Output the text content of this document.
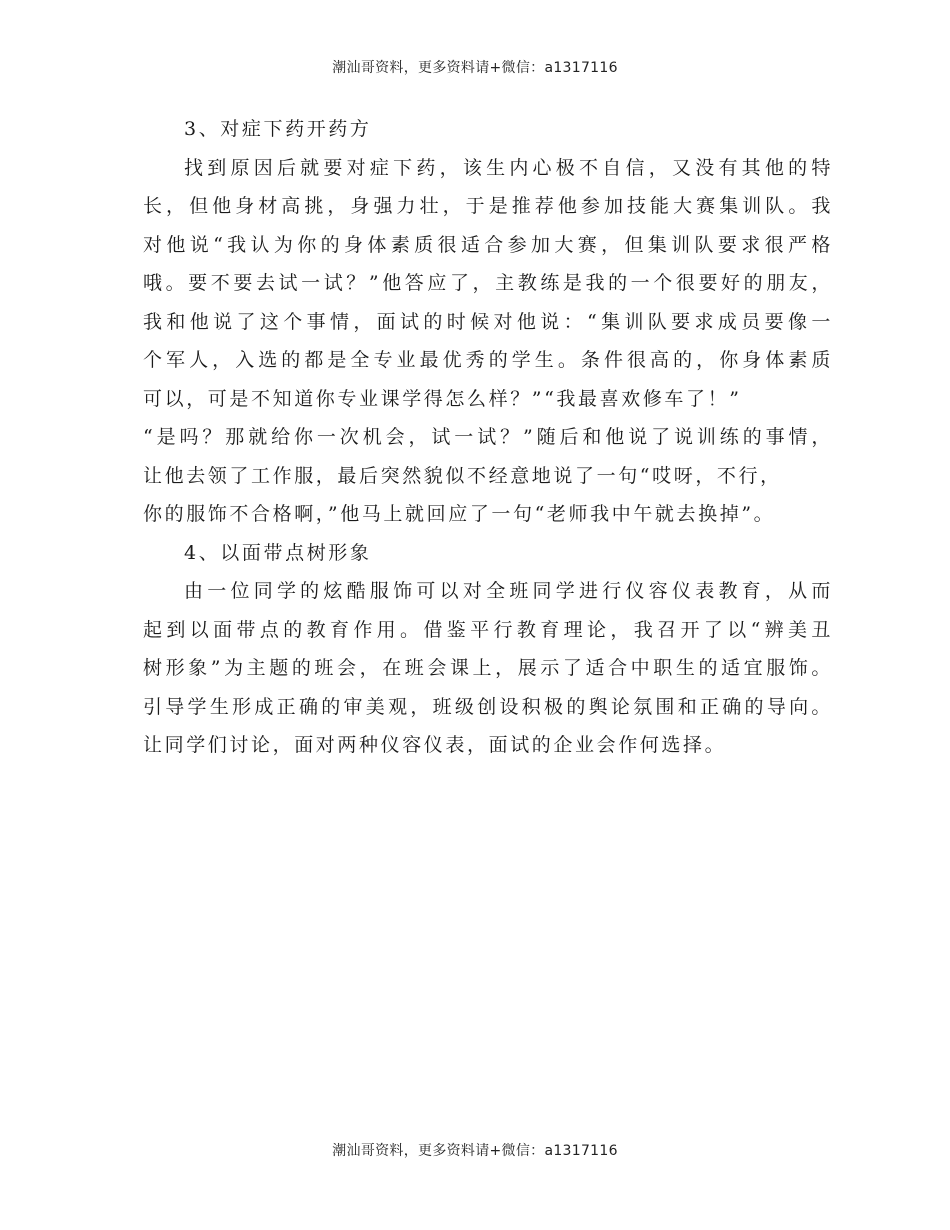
潮汕哥资料，更多资料请+微信：a1317116

3、对症下药开药方

找到原因后就要对症下药，该生内心极不自信，又没有其他的特
长，但他身材高挑，身强力壮，于是推荐他参加技能大赛集训队。我
对他说“我认为你的身体素质很适合参加大赛，但集训队要求很严格
哦。要不要去试一试？”他答应了，主教练是我的一个很要好的朋友，
我和他说了这个事情，面试的时候对他说：“集训队要求成员要像一
个军人，入选的都是全专业最优秀的学生。条件很高的，你身体素质
可以，可是不知道你专业课学得怎么样？”“我最喜欢修车了！”
“是吗？那就给你一次机会，试一试？”随后和他说了说训练的事情，
让他去领了工作服，最后突然貌似不经意地说了一句“哎呀，不行，
你的服饰不合格啊，”他马上就回应了一句“老师我中午就去换掉”。

4、以面带点树形象

由一位同学的炫酷服饰可以对全班同学进行仪容仪表教育，从而
起到以面带点的教育作用。借鉴平行教育理论，我召开了以“辨美丑
树形象”为主题的班会，在班会课上，展示了适合中职生的适宜服饰。
引导学生形成正确的审美观，班级创设积极的舆论氛围和正确的导向。
让同学们讨论，面对两种仪容仪表，面试的企业会作何选择。
潮汕哥资料，更多资料请+微信：a1317116
